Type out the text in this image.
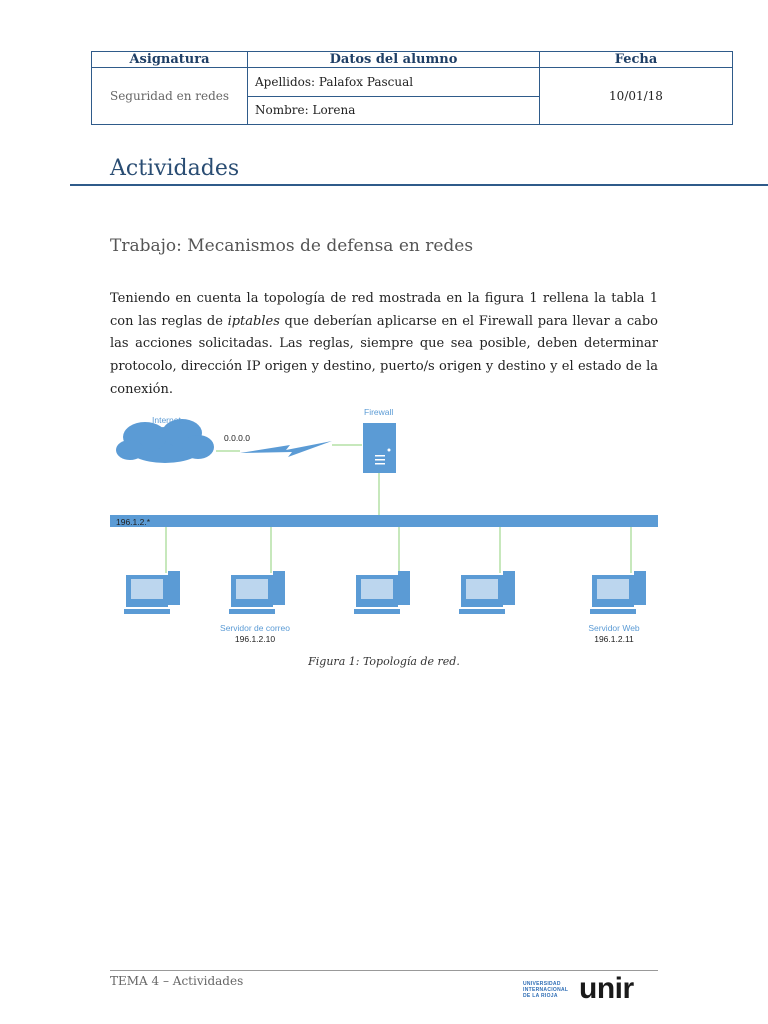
Asignatura	Datos del alumno	Fecha
Seguridad en redes	Apellidos: Palafox Pascual	10/01/18
	Nombre: Lorena	
Actividades
Trabajo: Mecanismos de defensa en redes

Teniendo en cuenta la topología de red mostrada en la figura 1 rellena la tabla 1 con las reglas de iptables que deberían aplicarse en el Firewall para llevar a cabo las acciones solicitadas. Las reglas, siempre que sea posible, deben determinar protocolo, dirección IP origen y destino, puerto/s origen y destino y el estado de la conexión.

Internet
0.0.0.0
Firewall
196.1.2.*
Servidor de correo
196.1.2.10
Servidor Web
196.1.2.11
Figura 1: Topología de red.
TEMA 4 – Actividades	UNIVERSIDAD
INTERNACIONAL
DE LA RIOJA unir
